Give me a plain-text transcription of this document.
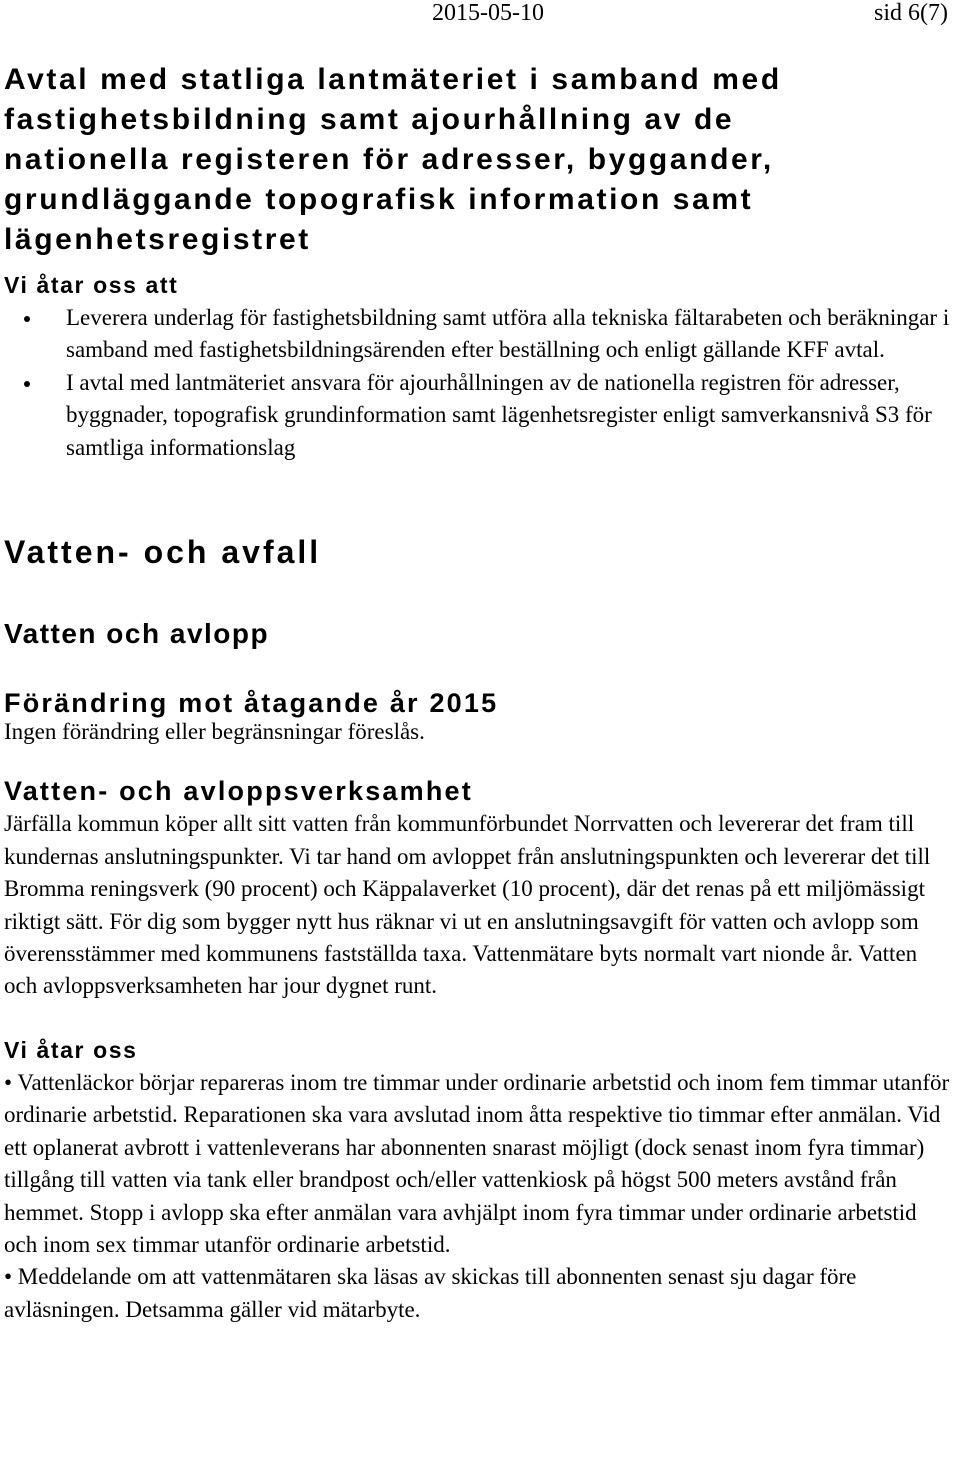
2015-05-10	sid 6(7)
Avtal med statliga lantmäteriet i samband med
fastighetsbildning samt ajourhållning av de
nationella registeren för adresser, byggander,
grundläggande topografisk information samt
lägenhetsregistret
Vi åtar oss att
Leverera underlag för fastighetsbildning samt utföra alla tekniska fältarabeten och beräkningar i samband med fastighetsbildningsärenden efter beställning och enligt gällande KFF avtal.
I avtal med lantmäteriet ansvara för ajourhållningen av de nationella registren för adresser, byggnader, topografisk grundinformation samt lägenhetsregister enligt samverkansnivå S3 för samtliga informationslag
Vatten- och avfall
Vatten och avlopp
Förändring mot åtagande år 2015

Ingen förändring eller begränsningar föreslås.

Vatten- och avloppsverksamhet

Järfälla kommun köper allt sitt vatten från kommunförbundet Norrvatten och levererar det fram till kundernas anslutningspunkter. Vi tar hand om avloppet från anslutningspunkten och levererar det till Bromma reningsverk (90 procent) och Käppalaverket (10 procent), där det renas på ett miljömässigt riktigt sätt. För dig som bygger nytt hus räknar vi ut en anslutningsavgift för vatten och avlopp som överensstämmer med kommunens fastställda taxa. Vattenmätare byts normalt vart nionde år. Vatten och avloppsverksamheten har jour dygnet runt.

Vi åtar oss

• Vattenläckor börjar repareras inom tre timmar under ordinarie arbetstid och inom fem timmar utanför ordinarie arbetstid. Reparationen ska vara avslutad inom åtta respektive tio timmar efter anmälan. Vid ett oplanerat avbrott i vattenleverans har abonnenten snarast möjligt (dock senast inom fyra timmar) tillgång till vatten via tank eller brandpost och/eller vattenkiosk på högst 500 meters avstånd från hemmet. Stopp i avlopp ska efter anmälan vara avhjälpt inom fyra timmar under ordinarie arbetstid och inom sex timmar utanför ordinarie arbetstid.

• Meddelande om att vattenmätaren ska läsas av skickas till abonnenten senast sju dagar före avläsningen. Detsamma gäller vid mätarbyte.
